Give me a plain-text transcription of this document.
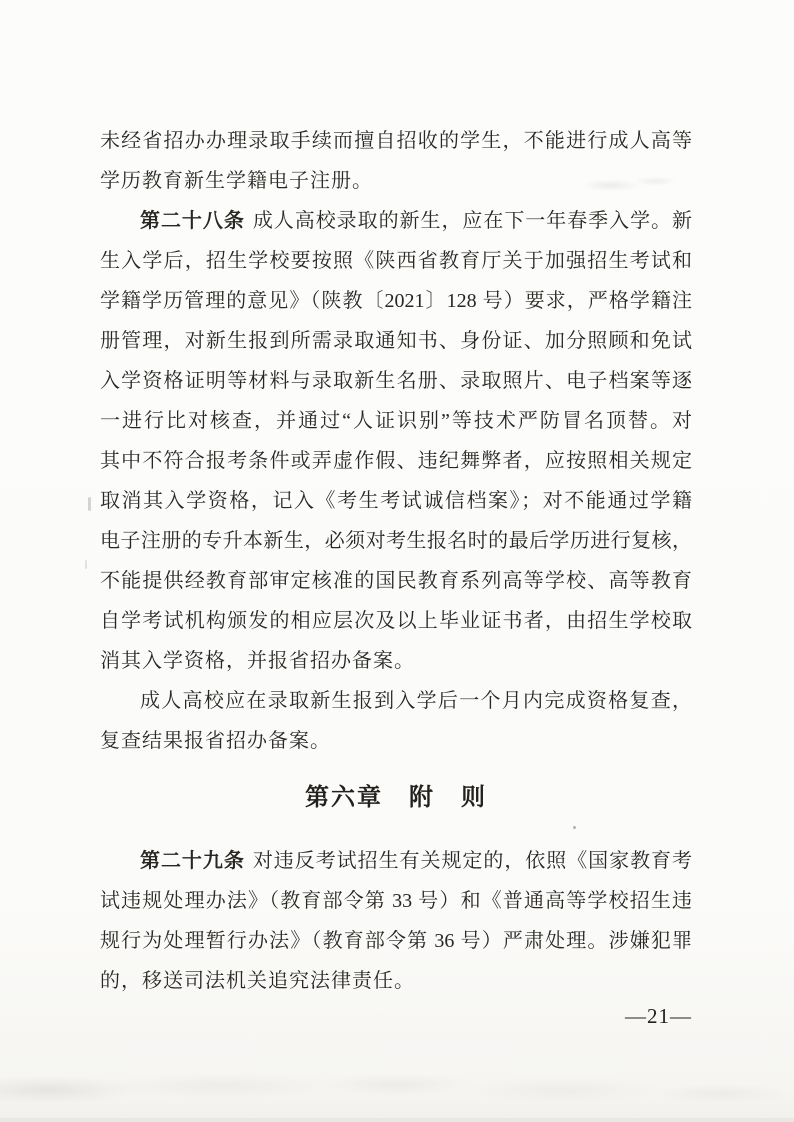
未经省招办办理录取手续而擅自招收的学生，不能进行成人高等
学历教育新生学籍电子注册。
第二十八条 成人高校录取的新生，应在下一年春季入学。新
生入学后，招生学校要按照《陕西省教育厅关于加强招生考试和
学籍学历管理的意见》（陕教〔2021〕128 号）要求，严格学籍注
册管理，对新生报到所需录取通知书、身份证、加分照顾和免试
入学资格证明等材料与录取新生名册、录取照片、电子档案等逐
一进行比对核查，并通过“人证识别”等技术严防冒名顶替。对
其中不符合报考条件或弄虚作假、违纪舞弊者，应按照相关规定
取消其入学资格，记入《考生考试诚信档案》；对不能通过学籍
电子注册的专升本新生，必须对考生报名时的最后学历进行复核，
不能提供经教育部审定核准的国民教育系列高等学校、高等教育
自学考试机构颁发的相应层次及以上毕业证书者，由招生学校取
消其入学资格，并报省招办备案。
成人高校应在录取新生报到入学后一个月内完成资格复查，
复查结果报省招办备案。
第六章　附　则
第二十九条 对违反考试招生有关规定的，依照《国家教育考
试违规处理办法》（教育部令第 33 号）和《普通高等学校招生违
规行为处理暂行办法》（教育部令第 36 号）严肃处理。涉嫌犯罪
的，移送司法机关追究法律责任。
—21—
